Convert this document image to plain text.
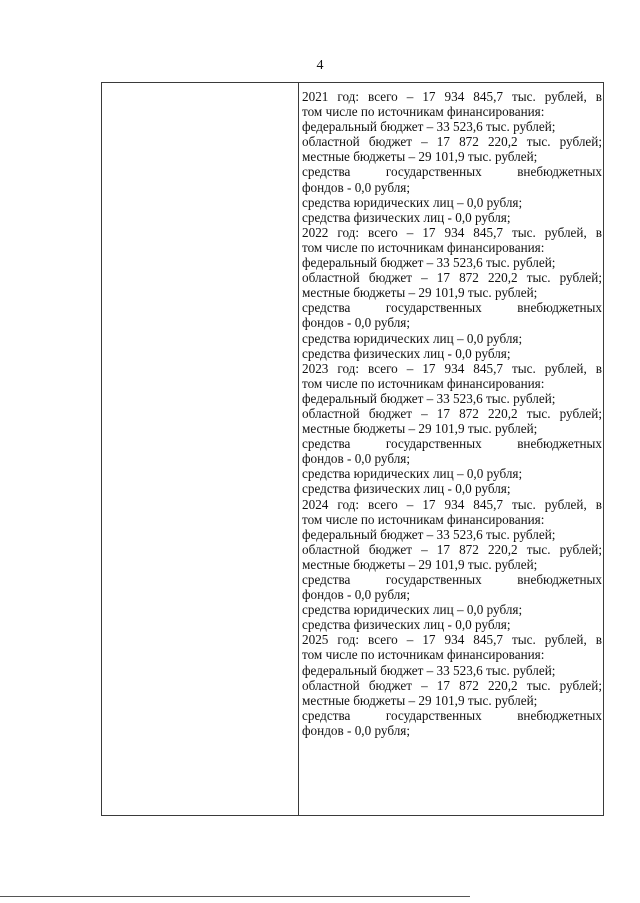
4
2021 год: всего – 17 934 845,7 тыс. рублей, в
том числе по источникам финансирования:
федеральный бюджет – 33 523,6 тыс. рублей;
областной бюджет – 17 872 220,2 тыс. рублей;
местные бюджеты – 29 101,9 тыс. рублей;
средства государственных внебюджетных
фондов - 0,0 рубля;
средства юридических лиц – 0,0 рубля;
средства физических лиц - 0,0 рубля;
2022 год: всего – 17 934 845,7 тыс. рублей, в
том числе по источникам финансирования:
федеральный бюджет – 33 523,6 тыс. рублей;
областной бюджет – 17 872 220,2 тыс. рублей;
местные бюджеты – 29 101,9 тыс. рублей;
средства государственных внебюджетных
фондов - 0,0 рубля;
средства юридических лиц – 0,0 рубля;
средства физических лиц - 0,0 рубля;
2023 год: всего – 17 934 845,7 тыс. рублей, в
том числе по источникам финансирования:
федеральный бюджет – 33 523,6 тыс. рублей;
областной бюджет – 17 872 220,2 тыс. рублей;
местные бюджеты – 29 101,9 тыс. рублей;
средства государственных внебюджетных
фондов - 0,0 рубля;
средства юридических лиц – 0,0 рубля;
средства физических лиц - 0,0 рубля;
2024 год: всего – 17 934 845,7 тыс. рублей, в
том числе по источникам финансирования:
федеральный бюджет – 33 523,6 тыс. рублей;
областной бюджет – 17 872 220,2 тыс. рублей;
местные бюджеты – 29 101,9 тыс. рублей;
средства государственных внебюджетных
фондов - 0,0 рубля;
средства юридических лиц – 0,0 рубля;
средства физических лиц - 0,0 рубля;
2025 год: всего – 17 934 845,7 тыс. рублей, в
том числе по источникам финансирования:
федеральный бюджет – 33 523,6 тыс. рублей;
областной бюджет – 17 872 220,2 тыс. рублей;
местные бюджеты – 29 101,9 тыс. рублей;
средства государственных внебюджетных
фондов - 0,0 рубля;
